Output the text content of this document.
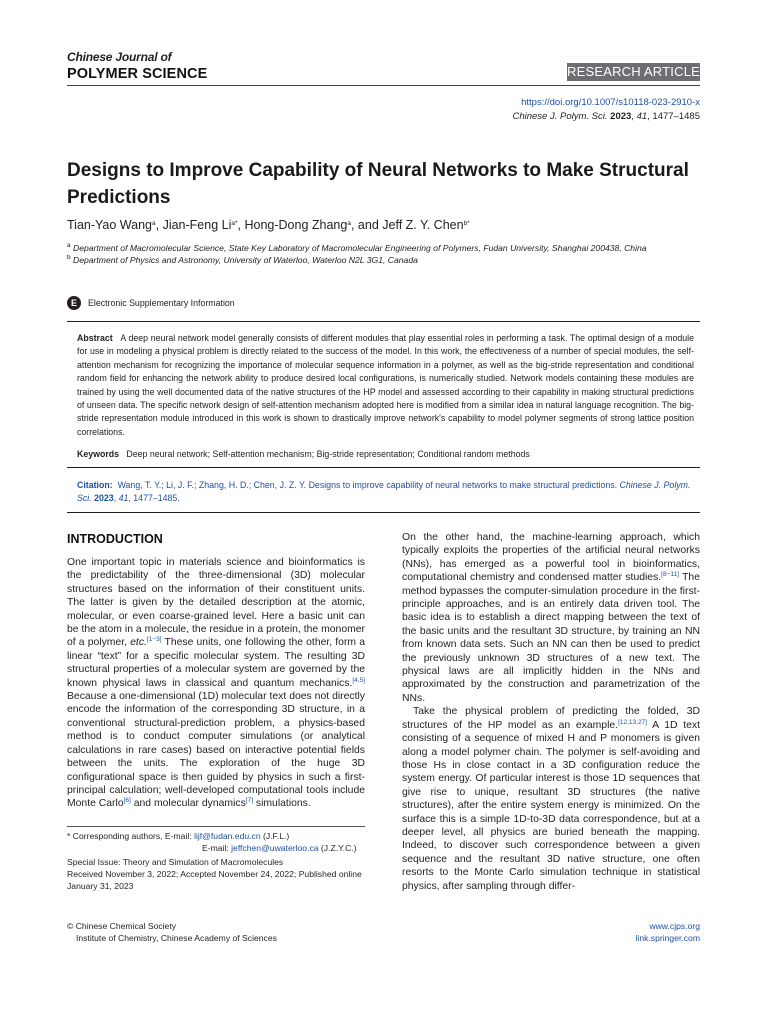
Chinese Journal of
POLYMER SCIENCE	RESEARCH ARTICLE
https://doi.org/10.1007/s10118-023-2910-x
Chinese J. Polym. Sci. 2023, 41, 1477–1485
Designs to Improve Capability of Neural Networks to Make Structural Predictions
Tian-Yao Wang$^a$, Jian-Feng $Li^{a*}$, Hong-Dong Zhang$^a$, and Jeff Z. Y. Chen$^{b*}$
$^a$ Department of Macromolecular Science, State Key Laboratory of Macromolecular Engineering of Polymers, Fudan University, Shanghai 200438, China
$^b$ Department of Physics and Astronomy, University of Waterloo, Waterloo N2L 3G1, Canada
E	Electronic Supplementary Information
Abstract A deep neural network model generally consists of different modules that play essential roles in performing a task. The optimal design of a module for use in modeling a physical problem is directly related to the success of the model. In this work, the effectiveness of a number of special modules, the self-attention mechanism for recognizing the importance of molecular sequence information in a polymer, as well as the big-stride representation and conditional random field for enhancing the network ability to produce desired local configurations, is numerically studied. Network models containing these modules are trained by using the well documented data of the native structures of the HP model and assessed according to their capability in making structural predictions of unseen data. The specific network design of self-attention mechanism adopted here is modified from a similar idea in natural language recognition. The big-stride representation module introduced in this work is shown to drastically improve network's capability to model polymer segments of strong lattice position correlations.
Keywords Deep neural network; Self-attention mechanism; Big-stride representation; Conditional random methods
Citation: Wang, T. Y.; Li, J. F.; Zhang, H. D.; Chen, J. Z. Y. Designs to improve capability of neural networks to make structural predictions. Chinese J. Polym. Sci. 2023, 41, 1477–1485.
INTRODUCTION

One important topic in materials science and bioinformatics is the predictability of the three-dimensional (3D) molecular structures based on the information of their constituent units. The latter is given by the detailed description at the atomic, molecular, or even coarse-grained level. Here a basic unit can be the atom in a molecule, the residue in a protein, the monomer of a polymer, etc.[1−3] These units, one following the other, form a linear “text” for a specific molecular system. The resulting 3D structural properties of a molecular system are governed by the known physical laws in classical and quantum mechanics.[4,5] Because a one-dimensional (1D) molecular text does not directly encode the information of the corresponding 3D structure, in a conventional structural-prediction problem, a physics-based method is to conduct computer simulations (or analytical calculations in rare cases) based on interactive potential fields between the units. The exploration of the huge 3D configurational space is then guided by physics in such a first-principal calculation; well-developed computational tools include Monte Carlo[6] and molecular dynamics[7] simulations.

* Corresponding authors, E-mail: lijf@fudan.edu.cn (J.F.L.)
E-mail: jeffchen@uwaterloo.ca (J.Z.Y.C.)
Special Issue: Theory and Simulation of Macromolecules
Received November 3, 2022; Accepted November 24, 2022; Published online January 31, 2023

On the other hand, the machine-learning approach, which typically exploits the properties of the artificial neural networks (NNs), has emerged as a powerful tool in bioinformatics, computational chemistry and condensed matter studies.[8−11] The method bypasses the computer-simulation procedure in the first-principle approaches, and is an entirely data driven tool. The basic idea is to establish a direct mapping between the text of the basic units and the resultant 3D structure, by training an NN from known data sets. Such an NN can then be used to predict the previously unknown 3D structures of a new text. The physical laws are all implicitly hidden in the NNs and approximated by the construction and parametrization of the NNs.

Take the physical problem of predicting the folded, 3D structures of the HP model as an example.[12,13,27] A 1D text consisting of a sequence of mixed H and P monomers is given along a model polymer chain. The polymer is self-avoiding and those Hs in close contact in a 3D configuration reduce the system energy. Of particular interest is those 1D sequences that give rise to unique, resultant 3D structures (the native structures), after the entire system energy is minimized. On the surface this is a simple 1D-to-3D data correspondence, but at a deeper level, all physics are buried beneath the mapping. Indeed, to discover such correspondence between a given sequence and the resultant 3D native structure, one often resorts to the Monte Carlo simulation technique in statistical physics, after sampling through differ-

© Chinese Chemical Society
Institute of Chemistry, Chinese Academy of Sciences
www.cjps.org
link.springer.com
